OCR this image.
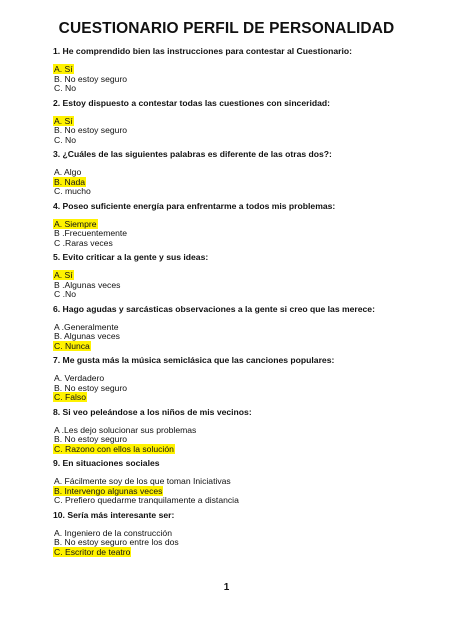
CUESTIONARIO PERFIL DE PERSONALIDAD
1. He comprendido bien las instrucciones para contestar al Cuestionario:
A. Sí
B. No estoy seguro
C. No
2. Estoy dispuesto a contestar todas las cuestiones con sinceridad:
A. Sí
B. No estoy seguro
C. No
3. ¿Cuáles de las siguientes palabras es diferente de las otras dos?:
A. Algo
B. Nada
C. mucho
4. Poseo suficiente energía para enfrentarme a todos mis problemas:
A. Siempre
B .Frecuentemente
C .Raras veces
5. Evito criticar a la gente y sus ideas:
A. Sí
B .Algunas veces
C .No
6. Hago agudas y sarcásticas observaciones a la gente si creo que las merece:
A .Generalmente
B. Algunas veces
C. Nunca
7. Me gusta más la música semiclásica que las canciones populares:
A. Verdadero
B. No estoy seguro
C. Falso
8. Si veo peleándose a los niños de mis vecinos:
A .Les dejo solucionar sus problemas
B. No estoy seguro
C. Razono con ellos la solución
9. En situaciones sociales
A. Fácilmente soy de los que toman Iniciativas
B. Intervengo algunas veces
C. Prefiero quedarme tranquilamente a distancia
10. Sería más interesante ser:
A. Ingeniero de la construcción
B. No estoy seguro entre los dos
C. Escritor de teatro
1
